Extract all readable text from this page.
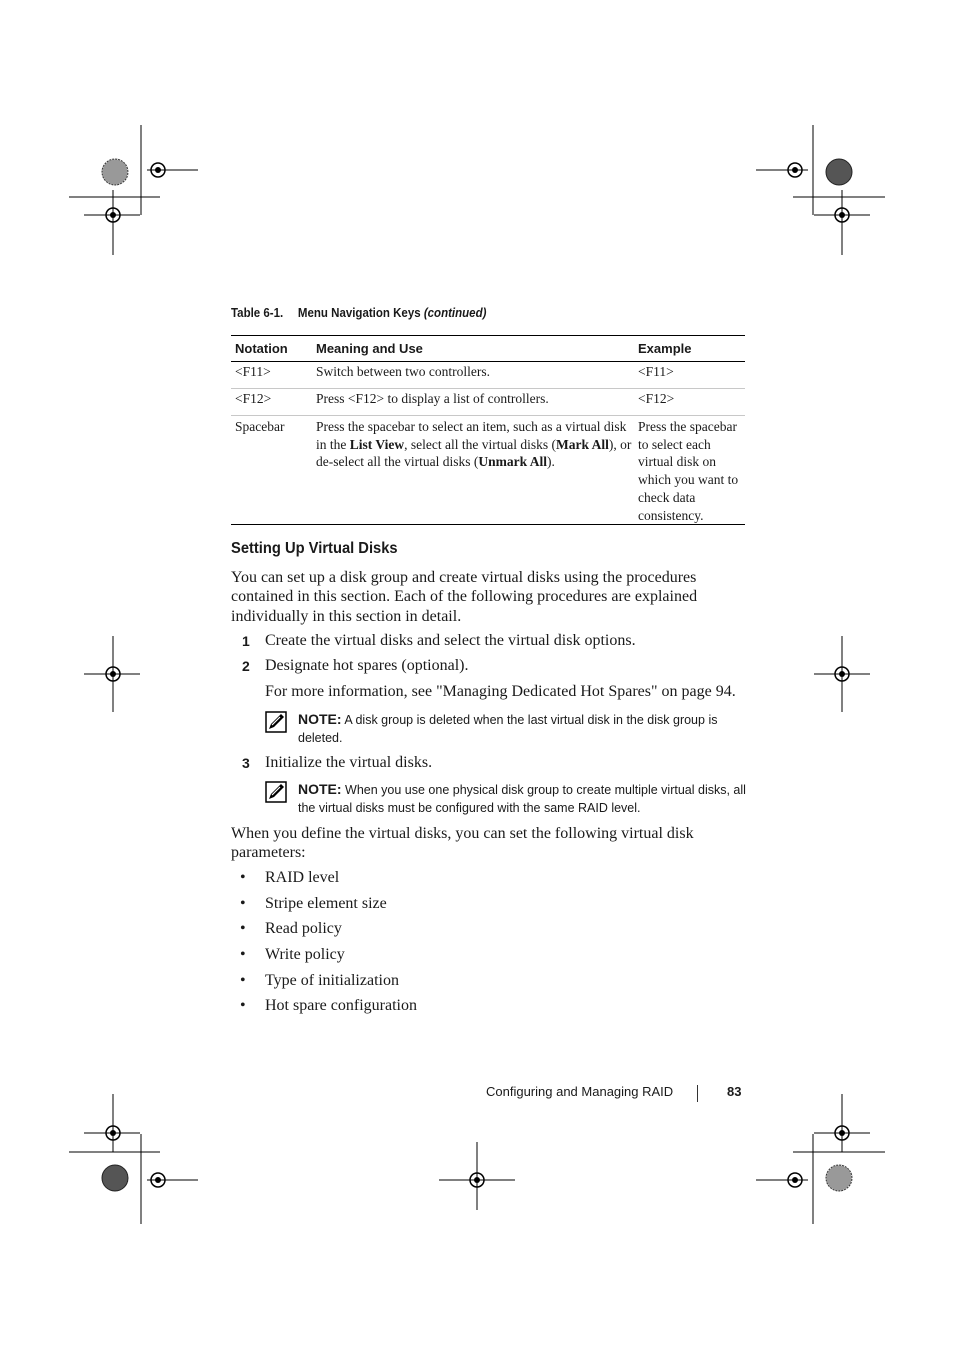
Table 6-1. Menu Navigation Keys (continued)
Notation	Meaning and Use	Example
<F11>	Switch between two controllers.	<F11>
<F12>	Press <F12> to display a list of controllers.	<F12>
Spacebar	Press the spacebar to select an item, such as a virtual disk in the List View, select all the virtual disks (Mark All), or de-select all the virtual disks (Unmark All).	Press the spacebar to select each virtual disk on which you want to check data consistency.
Setting Up Virtual Disks
You can set up a disk group and create virtual disks using the procedures contained in this section. Each of the following procedures are explained individually in this section in detail.
1 Create the virtual disks and select the virtual disk options.
2 Designate hot spares (optional).
For more information, see "Managing Dedicated Hot Spares" on page 94.
NOTE: A disk group is deleted when the last virtual disk in the disk group is deleted.
3 Initialize the virtual disks.
NOTE: When you use one physical disk group to create multiple virtual disks, all the virtual disks must be configured with the same RAID level.
When you define the virtual disks, you can set the following virtual disk parameters:
• RAID level
• Stripe element size
• Read policy
• Write policy
• Type of initialization
• Hot spare configuration
Configuring and Managing RAID	83
